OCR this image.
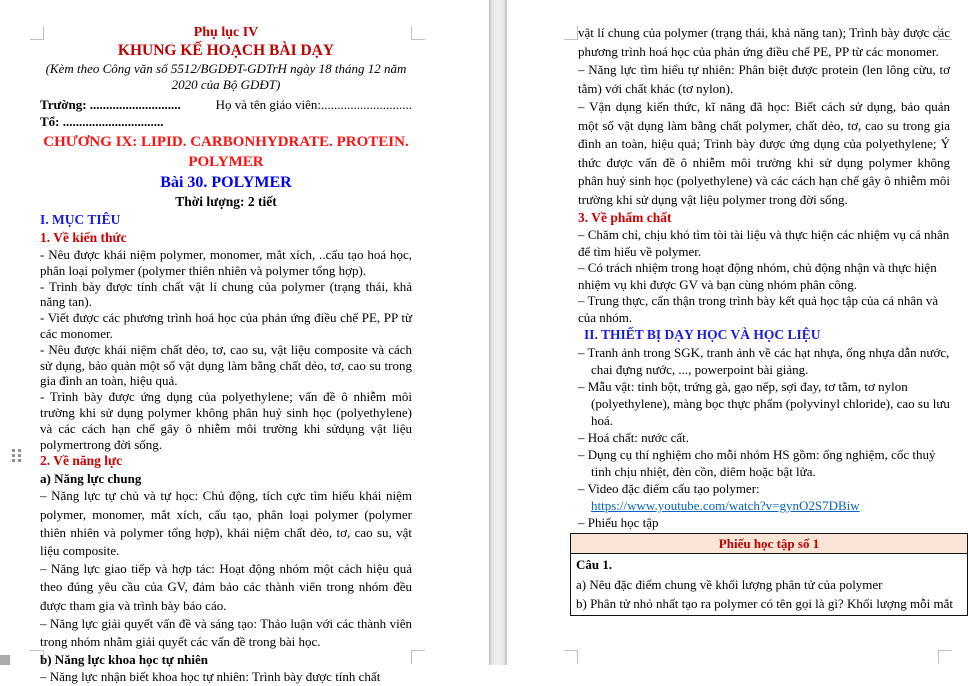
Phụ lục IV

KHUNG KẾ HOẠCH BÀI DẠY

(Kèm theo Công văn số 5512/BGDĐT-GDTrH ngày 18 tháng 12 năm 2020 của Bộ GDĐT)

Trường: ............................	Họ và tên giáo viên:............................

Tổ: ...............................

CHƯƠNG IX: LIPID. CARBONHYDRATE. PROTEIN. POLYMER

Bài 30. POLYMER

Thời lượng: 2 tiết

I. MỤC TIÊU

1. Về kiến thức

- Nêu được khái niệm polymer, monomer, mắt xích, ..cấu tạo hoá học, phân loại polymer (polymer thiên nhiên và polymer tổng hợp).

- Trình bày được tính chất vật lí chung của polymer (trạng thái, khả năng tan).

- Viết được các phương trình hoá học của phản ứng điều chế PE, PP từ các monomer.

- Nêu được khái niệm chất dẻo, tơ, cao su, vật liệu composite và cách sử dụng, bảo quản một số vật dụng làm bằng chất dẻo, tơ, cao su trong gia đình an toàn, hiệu quả.

- Trình bày được ứng dụng của polyethylene; vấn đề ô nhiễm môi trường khi sử dụng polymer không phân huỷ sinh học (polyethylene) và các cách hạn chế gây ô nhiễm môi trường khi sửdụng vật liệu polymertrong đời sống.

2. Về năng lực

a) Năng lực chung

– Năng lực tự chủ và tự học: Chủ động, tích cực tìm hiểu khái niệm polymer, monomer, mắt xích, cấu tạo, phân loại polymer (polymer thiên nhiên và polymer tổng hợp), khái niệm chất dẻo, tơ, cao su, vật liệu composite.

– Năng lực giao tiếp và hợp tác: Hoạt động nhóm một cách hiệu quả theo đúng yêu cầu của GV, đảm bảo các thành viên trong nhóm đều được tham gia và trình bày báo cáo.

– Năng lực giải quyết vấn đề và sáng tạo: Thảo luận với các thành viên trong nhóm nhằm giải quyết các vấn đề trong bài học.

b) Năng lực khoa học tự nhiên

– Năng lực nhận biết khoa học tự nhiên: Trình bày được tính chất

vật lí chung của polymer (trạng thái, khả năng tan); Trình bày được các phương trình hoá học của phản ứng điều chế PE, PP từ các monomer.

– Năng lực tìm hiểu tự nhiên: Phân biệt được protein (len lông cừu, tơ tằm) với chất khác (tơ nylon).

– Vận dụng kiến thức, kĩ năng đã học: Biết cách sử dụng, bảo quản một số vật dụng làm bằng chất polymer, chất dẻo, tơ, cao su trong gia đình an toàn, hiệu quả; Trình bày được ứng dụng của polyethylene; Ý thức được vấn đề ô nhiễm môi trường khi sử dụng polymer không phân huỷ sinh học (polyethylene) và các cách hạn chế gây ô nhiễm môi trường khi sử dụng vật liệu polymer trong đời sống.

3. Về phẩm chất

– Chăm chỉ, chịu khó tìm tòi tài liệu và thực hiện các nhiệm vụ cá nhân để tìm hiểu về polymer.

– Có trách nhiệm trong hoạt động nhóm, chủ động nhận và thực hiện nhiệm vụ khi được GV và bạn cùng nhóm phân công.

– Trung thực, cẩn thận trong trình bày kết quả học tập của cá nhân và của nhóm.

II. THIẾT BỊ DẠY HỌC VÀ HỌC LIỆU

– Tranh ảnh trong SGK, tranh ảnh về các hạt nhựa, ống nhựa dẫn nước, chai đựng nước, ..., powerpoint bài giảng.

– Mẫu vật: tinh bột, trứng gà, gạo nếp, sợi đay, tơ tằm, tơ nylon (polyethylene), màng bọc thực phẩm (polyvinyl chloride), cao su lưu hoá.

– Hoá chất: nước cất.

– Dụng cụ thí nghiệm cho mỗi nhóm HS gồm: ống nghiệm, cốc thuỷ tinh chịu nhiệt, đèn cồn, diêm hoặc bật lửa.

– Video đặc điểm cấu tạo polymer:

https://www.youtube.com/watch?v=gynO2S7DBiw

– Phiếu học tập

Phiếu học tập số 1

Câu 1.
a) Nêu đặc điểm chung về khối lượng phân tử của polymer
b) Phân tử nhỏ nhất tạo ra polymer có tên gọi là gì? Khối lượng mỗi mắt
